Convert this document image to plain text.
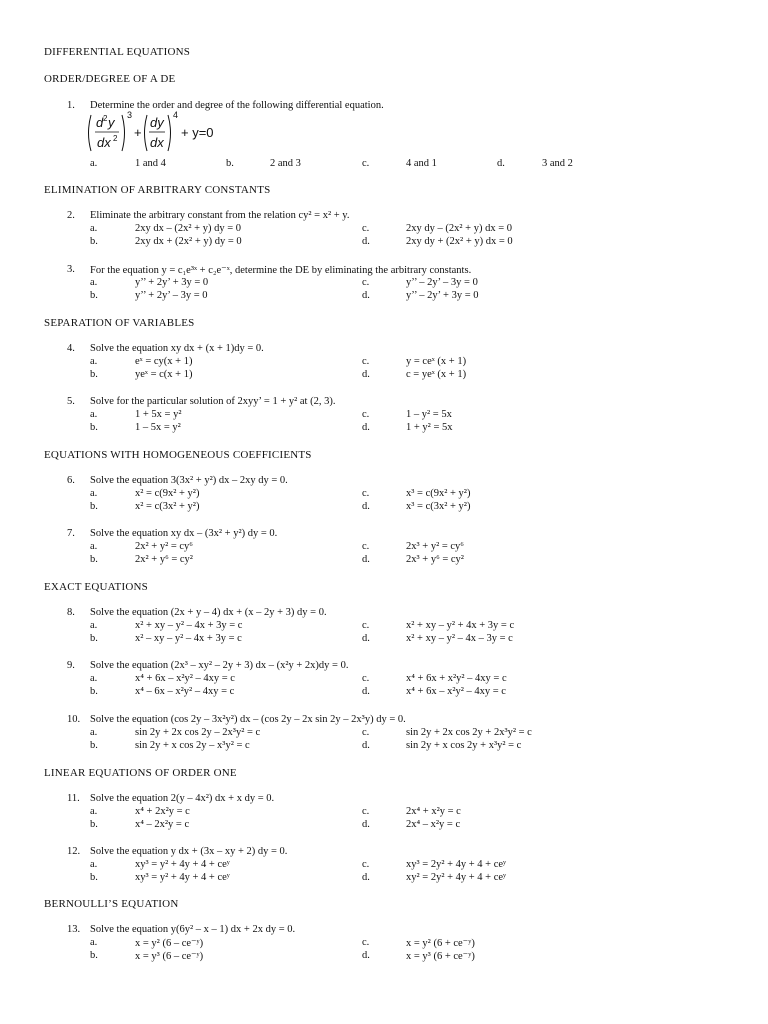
DIFFERENTIAL EQUATIONS
ORDER/DEGREE OF A DE
1. Determine the order and degree of the following differential equation.
d 2 y
dx 2
3
+
dy
dx
4
+ y=0
a.	1 and 4	b.	2 and 3	c.	4 and 1	d.	3 and 2
ELIMINATION OF ARBITRARY CONSTANTS
2. Eliminate the arbitrary constant from the relation cy² = x² + y.
a.	2xy dx – (2x² + y) dy = 0	c.	2xy dy – (2x² + y) dx = 0
b.	2xy dx + (2x² + y) dy = 0	d.	2xy dy + (2x² + y) dx = 0
3. For the equation y = c₁e³ˣ + c₂e⁻ˣ, determine the DE by eliminating the arbitrary constants.
a.	y’’ + 2y’ + 3y = 0	c.	y’’ – 2y’ – 3y = 0
b.	y’’ + 2y’ – 3y = 0	d.	y’’ – 2y’ + 3y = 0
SEPARATION OF VARIABLES
4. Solve the equation xy dx + (x + 1)dy = 0.
a.	eˣ = cy(x + 1)	c.	y = ceˣ (x + 1)
b.	yeˣ = c(x + 1)	d.	c = yeˣ (x + 1)
5. Solve for the particular solution of 2xyy’ = 1 + y² at (2, 3).
a.	1 + 5x = y²	c.	1 – y² = 5x
b.	1 – 5x = y²	d.	1 + y² = 5x
EQUATIONS WITH HOMOGENEOUS COEFFICIENTS
6. Solve the equation 3(3x² + y²) dx – 2xy dy = 0.
a.	x² = c(9x² + y²)	c.	x³ = c(9x² + y²)
b.	x² = c(3x² + y²)	d.	x³ = c(3x² + y²)
7. Solve the equation xy dx – (3x² + y²) dy = 0.
a.	2x² + y² = cy⁶	c.	2x³ + y² = cy⁶
b.	2x² + y⁶ = cy²	d.	2x³ + y⁶ = cy²
EXACT EQUATIONS
8. Solve the equation (2x + y – 4) dx + (x – 2y + 3) dy = 0.
a.	x² + xy – y² – 4x + 3y = c	c.	x² + xy – y² + 4x + 3y = c
b.	x² – xy – y² – 4x + 3y = c	d.	x² + xy – y² – 4x – 3y = c
9. Solve the equation (2x³ – xy² – 2y + 3) dx – (x²y + 2x)dy = 0.
a.	x⁴ + 6x – x²y² – 4xy = c	c.	x⁴ + 6x + x²y² – 4xy = c
b.	x⁴ – 6x – x²y² – 4xy = c	d.	x⁴ + 6x – x²y² – 4xy = c
10. Solve the equation (cos 2y – 3x²y²) dx – (cos 2y – 2x sin 2y – 2x³y) dy = 0.
a.	sin 2y + 2x cos 2y – 2x³y² = c	c.	sin 2y + 2x cos 2y + 2x³y² = c
b.	sin 2y + x cos 2y – x³y² = c	d.	sin 2y + x cos 2y + x³y² = c
LINEAR EQUATIONS OF ORDER ONE
11. Solve the equation 2(y – 4x²) dx + x dy = 0.
a.	x⁴ + 2x²y = c	c.	2x⁴ + x²y = c
b.	x⁴ – 2x²y = c	d.	2x⁴ – x²y = c
12. Solve the equation y dx + (3x – xy + 2) dy = 0.
a.	xy³ = y² + 4y + 4 + ceʸ	c.	xy³ = 2y² + 4y + 4 + ceʸ
b.	xy³ = y² + 4y + 4 + ceʸ	d.	xy² = 2y² + 4y + 4 + ceʸ
BERNOULLI’S EQUATION
13. Solve the equation y(6y² – x – 1) dx + 2x dy = 0.
a.	x = y² (6 – ce⁻ʸ)	c.	x = y² (6 + ce⁻ʸ)
b.	x = y³ (6 – ce⁻ʸ)	d.	x = y³ (6 + ce⁻ʸ)
